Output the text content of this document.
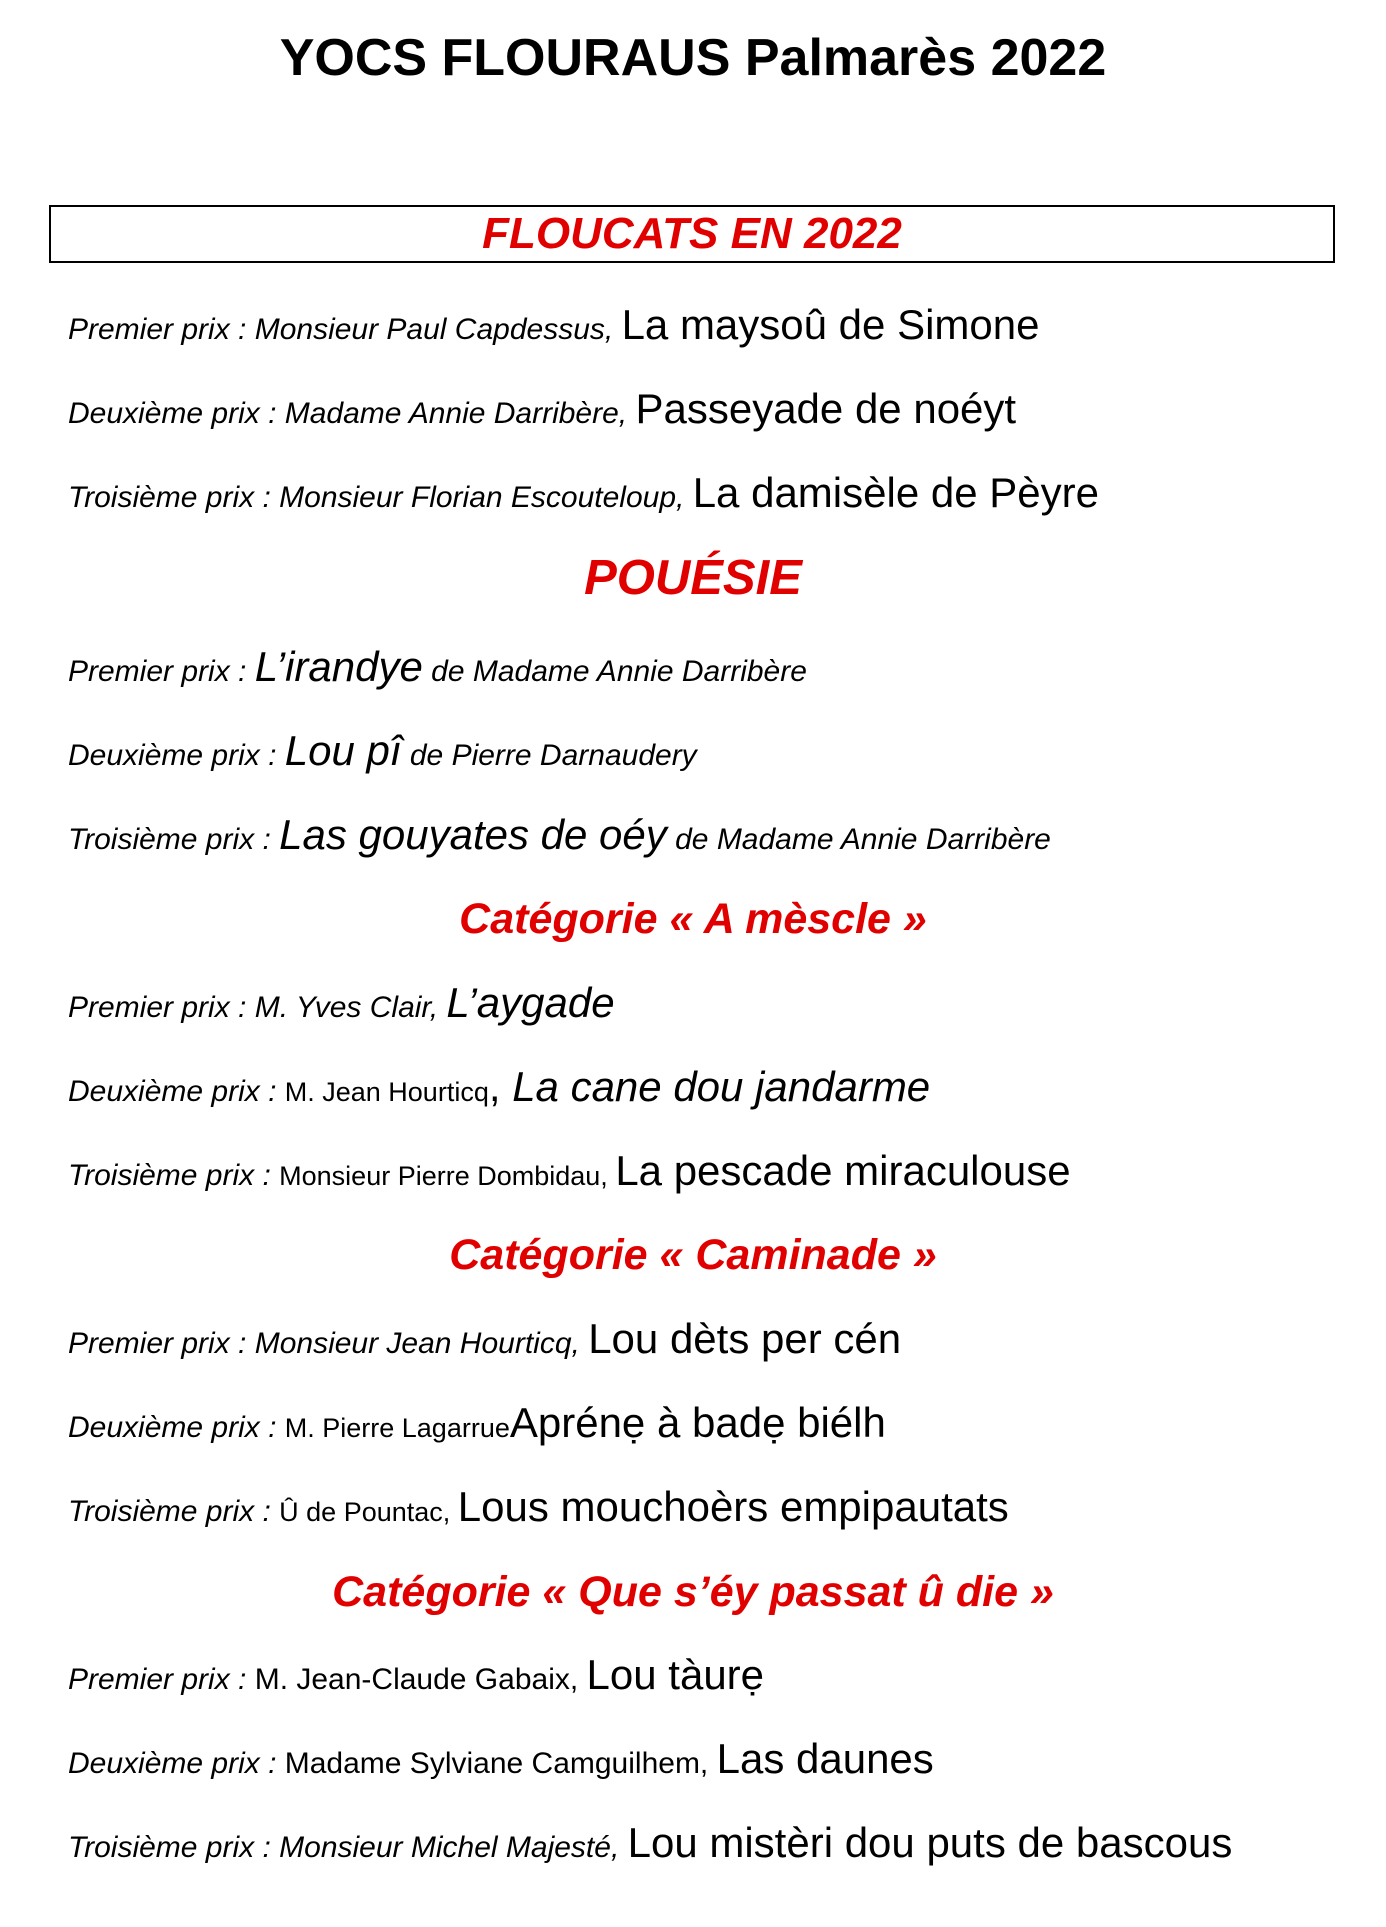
YOCS FLOURAUS Palmarès 2022
FLOUCATS EN 2022

Premier prix : Monsieur Paul Capdessus, La maysoû de Simone

Deuxième prix : Madame Annie Darribère, Passeyade de noéyt

Troisième prix : Monsieur Florian Escouteloup, La damisèle de Pèyre

POUÉSIE

Premier prix : L’irandye de Madame Annie Darribère

Deuxième prix : Lou pî de Pierre Darnaudery

Troisième prix : Las gouyates de oéy de Madame Annie Darribère

Catégorie « A mèscle »

Premier prix : M. Yves Clair, L’aygade

Deuxième prix : M. Jean Hourticq, La cane dou jandarme

Troisième prix : Monsieur Pierre Dombidau, La pescade miraculouse

Catégorie « Caminade »

Premier prix : Monsieur Jean Hourticq, Lou dèts per cén

Deuxième prix : M. Pierre LagarrueAprénẹ à badẹ biélh

Troisième prix : Û de Pountac, Lous mouchoèrs empipautats

Catégorie « Que s’éy passat û die »

Premier prix : M. Jean-Claude Gabaix, Lou tàurẹ

Deuxième prix : Madame Sylviane Camguilhem, Las daunes

Troisième prix : Monsieur Michel Majesté, Lou mistèri dou puts de bascous
